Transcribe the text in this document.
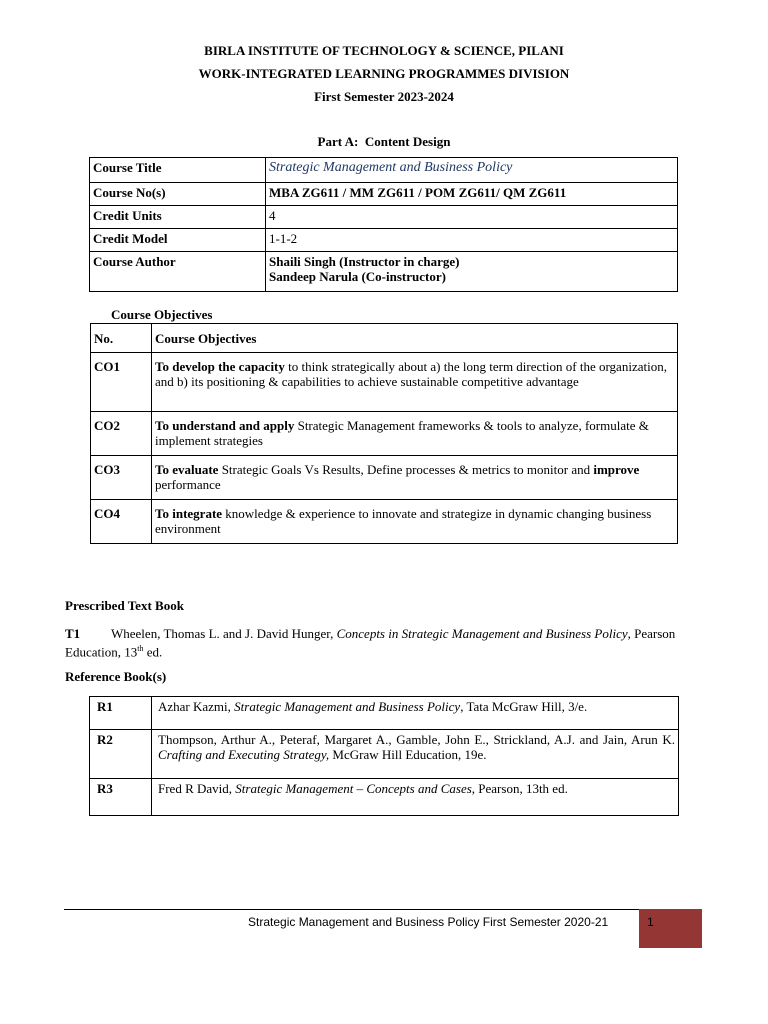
BIRLA INSTITUTE OF TECHNOLOGY & SCIENCE, PILANI
WORK-INTEGRATED LEARNING PROGRAMMES DIVISION
First Semester 2023-2024
Part A:  Content Design
Course Title	Strategic Management and Business Policy
Course No(s)	MBA ZG611 / MM ZG611 / POM ZG611/ QM ZG611
Credit Units	4
Credit Model	1-1-2
Course Author	Shaili Singh (Instructor in charge)
Sandeep Narula (Co-instructor)
Course Objectives
No.	Course Objectives
CO1	To develop the capacity to think strategically about a) the long term direction of the organization, and b) its positioning & capabilities to achieve sustainable competitive advantage
CO2	To understand and apply Strategic Management frameworks & tools to analyze, formulate & implement strategies
CO3	To evaluate Strategic Goals Vs Results, Define processes & metrics to monitor and improve performance
CO4	To integrate knowledge & experience to innovate and strategize in dynamic changing business environment
Prescribed Text Book
T1 Wheelen, Thomas L. and J. David Hunger, Concepts in Strategic Management and Business Policy, Pearson Education, 13th ed.
Reference Book(s)
R1	Azhar Kazmi, Strategic Management and Business Policy, Tata McGraw Hill, 3/e.
R2	Thompson, Arthur A., Peteraf, Margaret A., Gamble, John E., Strickland, A.J. and Jain, Arun K. Crafting and Executing Strategy, McGraw Hill Education, 19e.
R3	Fred R David, Strategic Management – Concepts and Cases, Pearson, 13th ed.
Strategic Management and Business Policy First Semester 2020-21	1
